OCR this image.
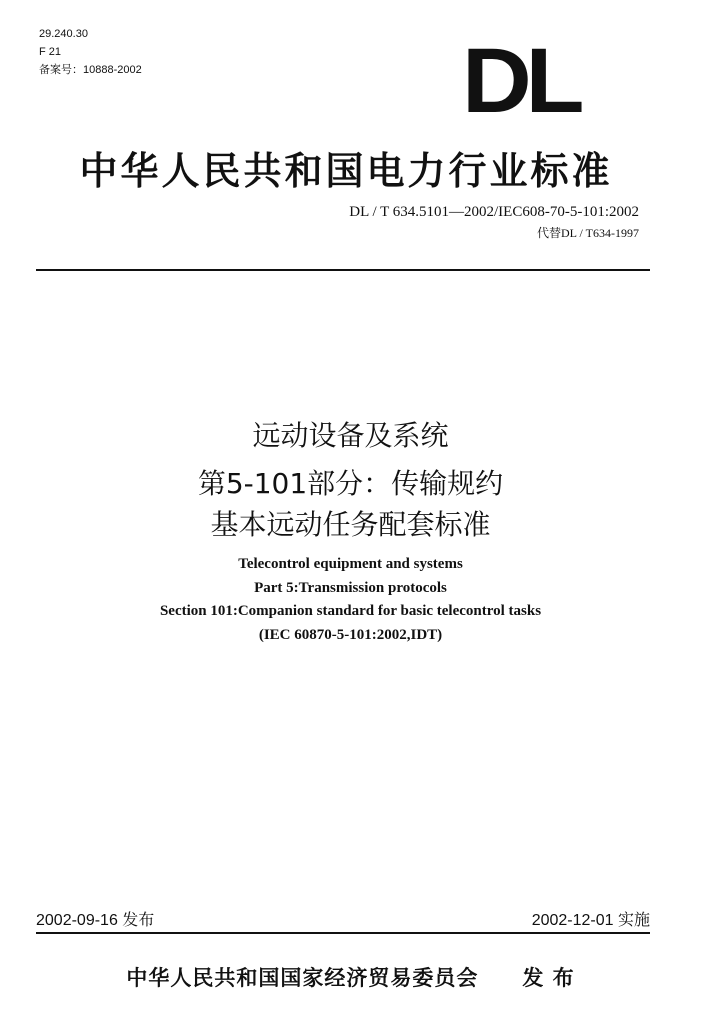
29.240.30
F 21
备案号：10888-2002	DL
中华人民共和国电力行业标准
DL / T 634.5101—2002/IEC608-70-5-101:2002
代替DL / T634-1997
远动设备及系统
第5-101部分：传输规约
基本远动任务配套标准
Telecontrol equipment and systems
Part 5:Transmission protocols
Section 101:Companion standard for basic telecontrol tasks
(IEC 60870-5-101:2002,IDT)
2002-09-16 发布	2002-12-01 实施
中华人民共和国国家经济贸易委员会　　发 布
